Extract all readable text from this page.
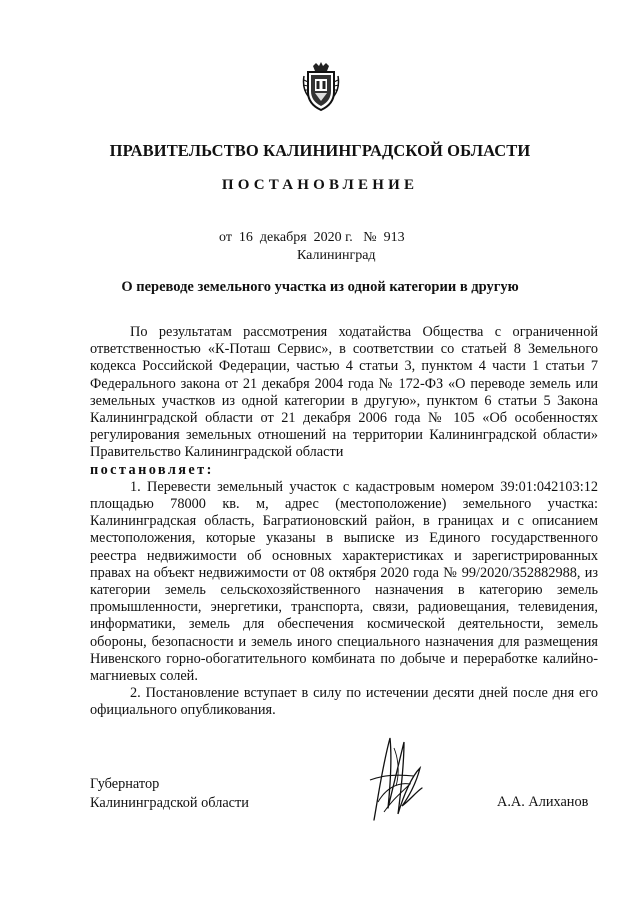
ПРАВИТЕЛЬСТВО КАЛИНИНГРАДСКОЙ ОБЛАСТИ
ПОСТАНОВЛЕНИЕ
от  16  декабря  2020 г.   №  913
Калининград
О переводе земельного участка из одной категории в другую

По результатам рассмотрения ходатайства Общества с ограниченной ответственностью «К-Поташ Сервис», в соответствии со статьей 8 Земельного кодекса Российской Федерации, частью 4 статьи 3, пунктом 4 части 1 статьи 7 Федерального закона от 21 декабря 2004 года № 172-ФЗ «О переводе земель или земельных участков из одной категории в другую», пунктом 6 статьи 5 Закона Калининградской области от 21 декабря 2006 года № 105 «Об особенностях регулирования земельных отношений на территории Калининградской области» Правительство Калининградской области
постановляет:

1. Перевести земельный участок с кадастровым номером 39:01:042103:12 площадью 78000 кв. м, адрес (местоположение) земельного участка: Калининградская область, Багратионовский район, в границах и с описанием местоположения, которые указаны в выписке из Единого государственного реестра недвижимости об основных характеристиках и зарегистрированных правах на объект недвижимости от 08 октября 2020 года № 99/2020/352882988, из категории земель сельскохозяйственного назначения в категорию земель промышленности, энергетики, транспорта, связи, радиовещания, телевидения, информатики, земель для обеспечения космической деятельности, земель обороны, безопасности и земель иного специального назначения для размещения Нивенского горно-обогатительного комбината по добыче и переработке калийно-магниевых солей.

2. Постановление вступает в силу по истечении десяти дней после дня его официального опубликования.

Губернатор
Калининградской области	А.А. Алиханов
